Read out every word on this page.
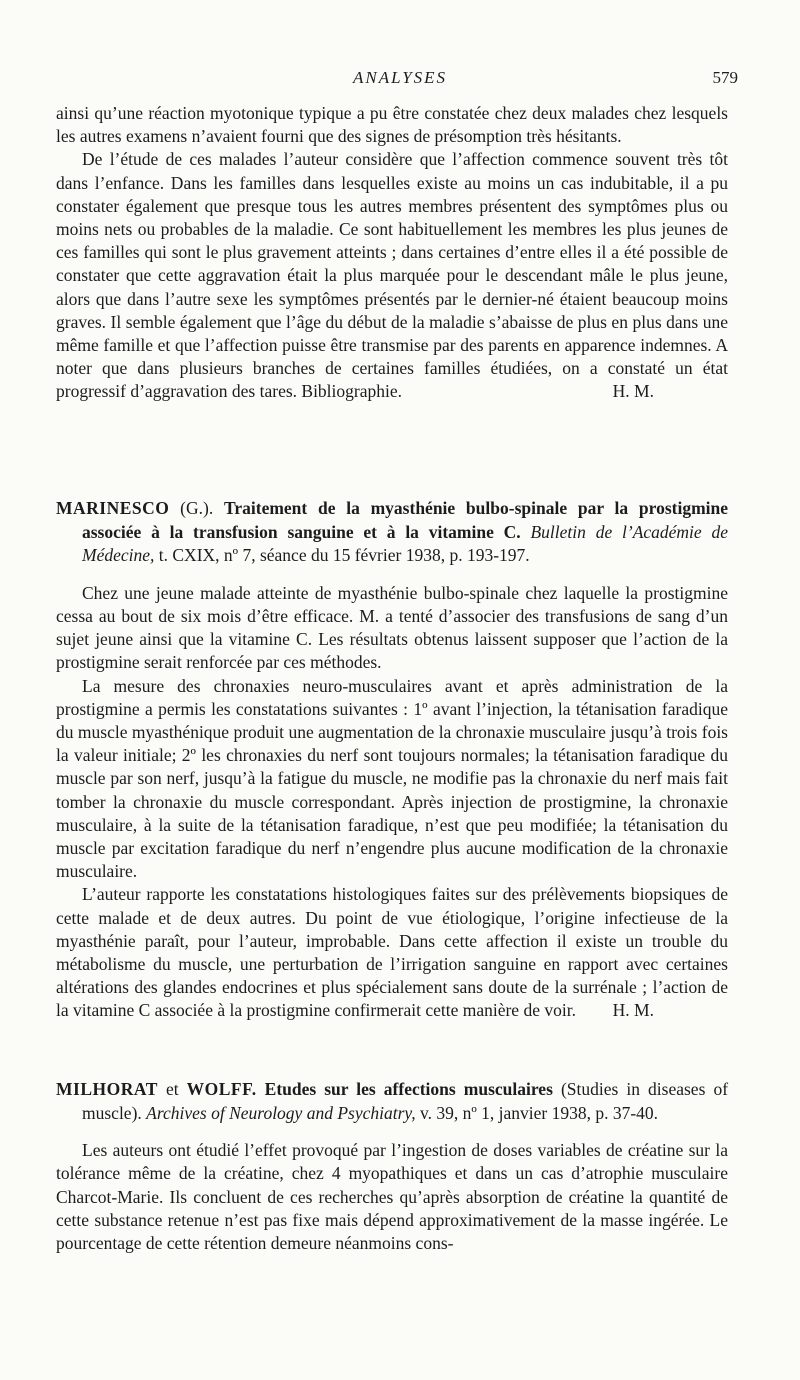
ANALYSES	579

ainsi qu’une réaction myotonique typique a pu être constatée chez deux malades chez lesquels les autres examens n’avaient fourni que des signes de présomption très hésitants.

De l’étude de ces malades l’auteur considère que l’affection commence souvent très tôt dans l’enfance. Dans les familles dans lesquelles existe au moins un cas indubitable, il a pu constater également que presque tous les autres membres présentent des symptômes plus ou moins nets ou probables de la maladie. Ce sont habituellement les membres les plus jeunes de ces familles qui sont le plus gravement atteints ; dans certaines d’entre elles il a été possible de constater que cette aggravation était la plus marquée pour le descendant mâle le plus jeune, alors que dans l’autre sexe les symptômes présentés par le dernier-né étaient beaucoup moins graves. Il semble également que l’âge du début de la maladie s’abaisse de plus en plus dans une même famille et que l’affection puisse être transmise par des parents en apparence indemnes. A noter que dans plusieurs branches de certaines familles étudiées, on a constaté un état progressif d’aggravation des tares. Bibliographie.	H. M.

MARINESCO (G.). Traitement de la myasthénie bulbo-spinale par la prostigmine associée à la transfusion sanguine et à la vitamine C. Bulletin de l’Académie de Médecine, t. CXIX, nº 7, séance du 15 février 1938, p. 193-197.

Chez une jeune malade atteinte de myasthénie bulbo-spinale chez laquelle la prostigmine cessa au bout de six mois d’être efficace. M. a tenté d’associer des transfusions de sang d’un sujet jeune ainsi que la vitamine C. Les résultats obtenus laissent supposer que l’action de la prostigmine serait renforcée par ces méthodes.

La mesure des chronaxies neuro-musculaires avant et après administration de la prostigmine a permis les constatations suivantes : 1º avant l’injection, la tétanisation faradique du muscle myasthénique produit une augmentation de la chronaxie musculaire jusqu’à trois fois la valeur initiale; 2º les chronaxies du nerf sont toujours normales; la tétanisation faradique du muscle par son nerf, jusqu’à la fatigue du muscle, ne modifie pas la chronaxie du nerf mais fait tomber la chronaxie du muscle correspondant. Après injection de prostigmine, la chronaxie musculaire, à la suite de la tétanisation faradique, n’est que peu modifiée; la tétanisation du muscle par excitation faradique du nerf n’engendre plus aucune modification de la chronaxie musculaire.

L’auteur rapporte les constatations histologiques faites sur des prélèvements biopsiques de cette malade et de deux autres. Du point de vue étiologique, l’origine infectieuse de la myasthénie paraît, pour l’auteur, improbable. Dans cette affection il existe un trouble du métabolisme du muscle, une perturbation de l’irrigation sanguine en rapport avec certaines altérations des glandes endocrines et plus spécialement sans doute de la surrénale ; l’action de la vitamine C associée à la prostigmine confirmerait cette manière de voir.	H. M.

MILHORAT et WOLFF. Etudes sur les affections musculaires (Studies in diseases of muscle). Archives of Neurology and Psychiatry, v. 39, nº 1, janvier 1938, p. 37-40.

Les auteurs ont étudié l’effet provoqué par l’ingestion de doses variables de créatine sur la tolérance même de la créatine, chez 4 myopathiques et dans un cas d’atrophie musculaire Charcot-Marie. Ils concluent de ces recherches qu’après absorption de créatine la quantité de cette substance retenue n’est pas fixe mais dépend approximativement de la masse ingérée. Le pourcentage de cette rétention demeure néanmoins cons-
